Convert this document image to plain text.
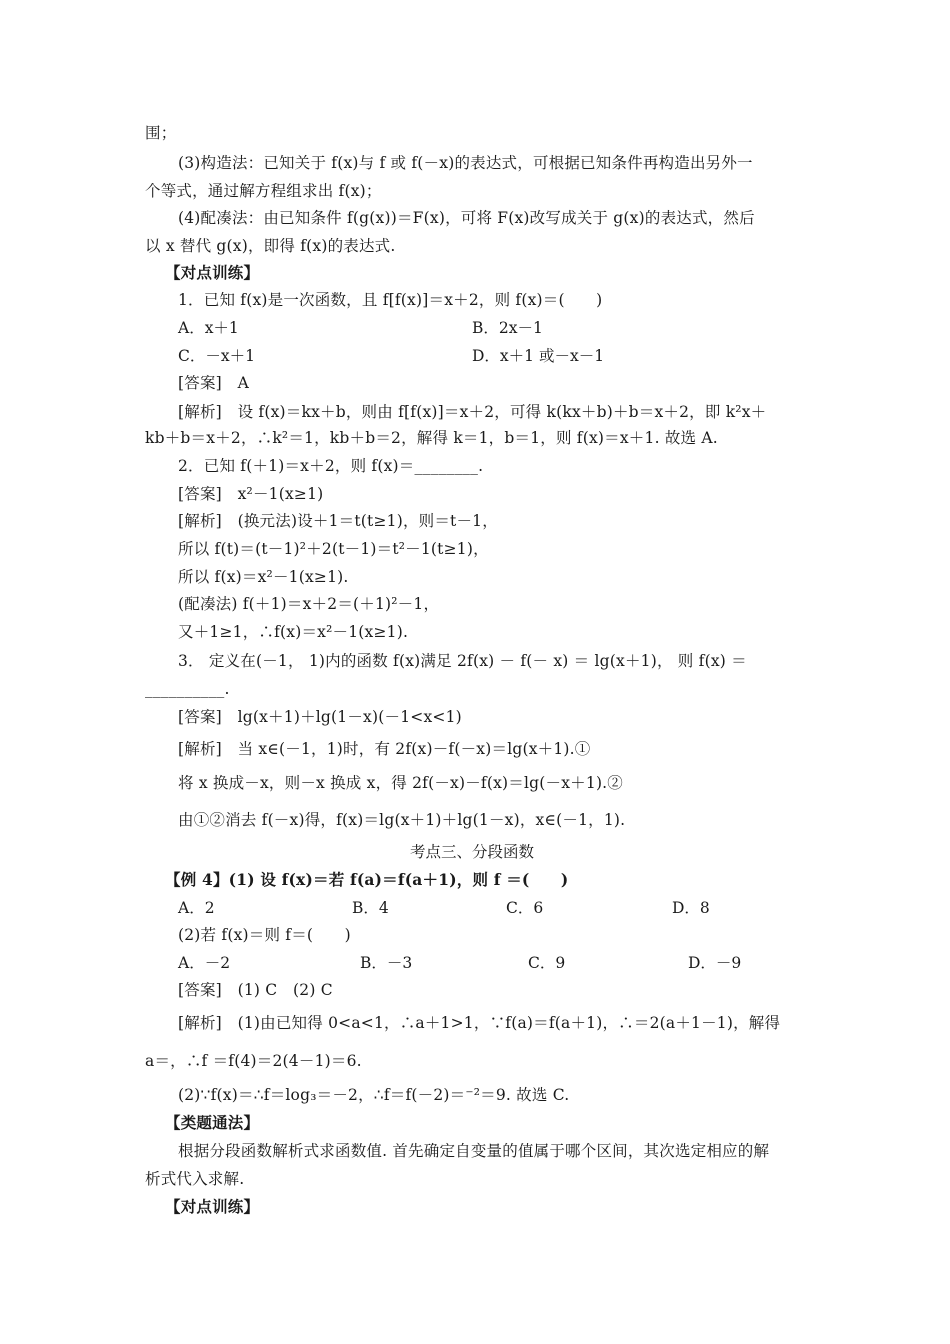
围；
(3)构造法：已知关于 f(x)与 f 或 f(－x)的表达式，可根据已知条件再构造出另外一
个等式，通过解方程组求出 f(x)；
(4)配凑法：由已知条件 f(g(x))＝F(x)，可将 F(x)改写成关于 g(x)的表达式，然后
以 x 替代 g(x)，即得 f(x)的表达式.
【对点训练】
1．已知 f(x)是一次函数，且 f[f(x)]＝x＋2，则 f(x)＝(　　)
A．x＋1	B．2x－1
C．－x＋1	D．x＋1 或－x－1
[答案]　A
[解析]　设 f(x)＝kx＋b，则由 f[f(x)]＝x＋2，可得 k(kx＋b)＋b＝x＋2，即 k²x＋
kb＋b＝x＋2，∴k²＝1，kb＋b＝2，解得 k＝1，b＝1，则 f(x)＝x＋1. 故选 A.
2．已知 f(＋1)＝x＋2，则 f(x)＝________.
[答案]　x²－1(x≥1)
[解析]　(换元法)设＋1＝t(t≥1)，则＝t－1，
所以 f(t)＝(t－1)²＋2(t－1)＝t²－1(t≥1)，
所以 f(x)＝x²－1(x≥1).
(配凑法) f(＋1)＝x＋2＝(＋1)²－1，
又＋1≥1，∴f(x)＝x²－1(x≥1).
3． 定义在(－1， 1)内的函数 f(x)满足 2f(x) － f(－ x) ＝ lg(x＋1)， 则 f(x) ＝
__________.
[答案]　lg(x＋1)＋lg(1－x)(－1<x<1)
[解析]　当 x∈(－1，1)时，有 2f(x)－f(－x)＝lg(x＋1).①
将 x 换成－x，则－x 换成 x，得 2f(－x)－f(x)＝lg(－x＋1).②
由①②消去 f(－x)得，f(x)＝lg(x＋1)＋lg(1－x)，x∈(－1，1).
考点三、分段函数
【例 4】(1) 设 f(x)＝若 f(a)＝f(a＋1)，则 f ＝(　　)
A．2	B．4	C．6	D．8
(2)若 f(x)＝则 f＝(　　)
A．－2	B．－3	C．9	D．－9
[答案]　(1) C　(2) C
[解析]　(1)由已知得 0<a<1，∴a＋1>1，∵f(a)＝f(a＋1)，∴＝2(a＋1－1)，解得
a＝，∴f ＝f(4)＝2(4－1)＝6.
(2)∵f(x)＝∴f＝log₃＝－2，∴f＝f(－2)＝⁻²＝9. 故选 C.
【类题通法】
根据分段函数解析式求函数值. 首先确定自变量的值属于哪个区间，其次选定相应的解
析式代入求解.
【对点训练】
